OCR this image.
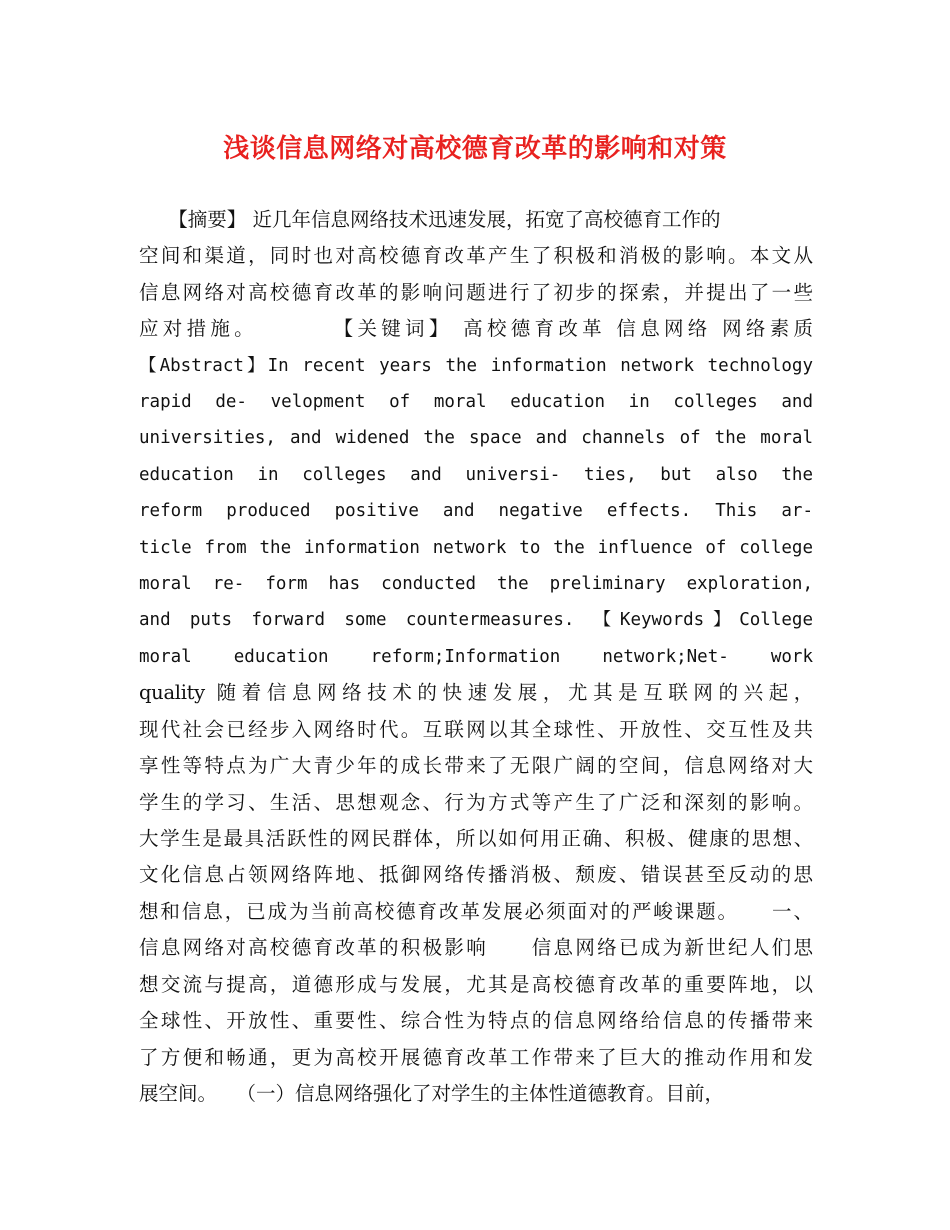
浅谈信息网络对高校德育改革的影响和对策
　　【摘要】 近几年信息网络技术迅速发展，拓宽了高校德育工作的
空间和渠道，同时也对高校德育改革产生了积极和消极的影响。本文从
信息网络对高校德育改革的影响问题进行了初步的探索，并提出了一些
应对措施。　　　　【关键词】 高校德育改革 信息网络 网络素质
【Abstract】In recent years the information network technology
rapid de- velopment of moral education in colleges and
universities, and widened the space and channels of the moral
education in colleges and universi- ties, but also the
reform produced positive and negative effects. This ar-
ticle from the information network to the influence of college
moral re- form has conducted the preliminary exploration,
and puts forward some countermeasures. 【Keywords】College
moral education reform;Information network;Net- work
quality 随着信息网络技术的快速发展，尤其是互联网的兴起，
现代社会已经步入网络时代。互联网以其全球性、开放性、交互性及共
享性等特点为广大青少年的成长带来了无限广阔的空间，信息网络对大
学生的学习、生活、思想观念、行为方式等产生了广泛和深刻的影响。
大学生是最具活跃性的网民群体，所以如何用正确、积极、健康的思想、
文化信息占领网络阵地、抵御网络传播消极、颓废、错误甚至反动的思
想和信息，已成为当前高校德育改革发展必须面对的严峻课题。　　一、
信息网络对高校德育改革的积极影响　　信息网络已成为新世纪人们思
想交流与提高，道德形成与发展，尤其是高校德育改革的重要阵地，以
全球性、开放性、重要性、综合性为特点的信息网络给信息的传播带来
了方便和畅通，更为高校开展德育改革工作带来了巨大的推动作用和发
展空间。　　（一）信息网络强化了对学生的主体性道德教育。目前，
